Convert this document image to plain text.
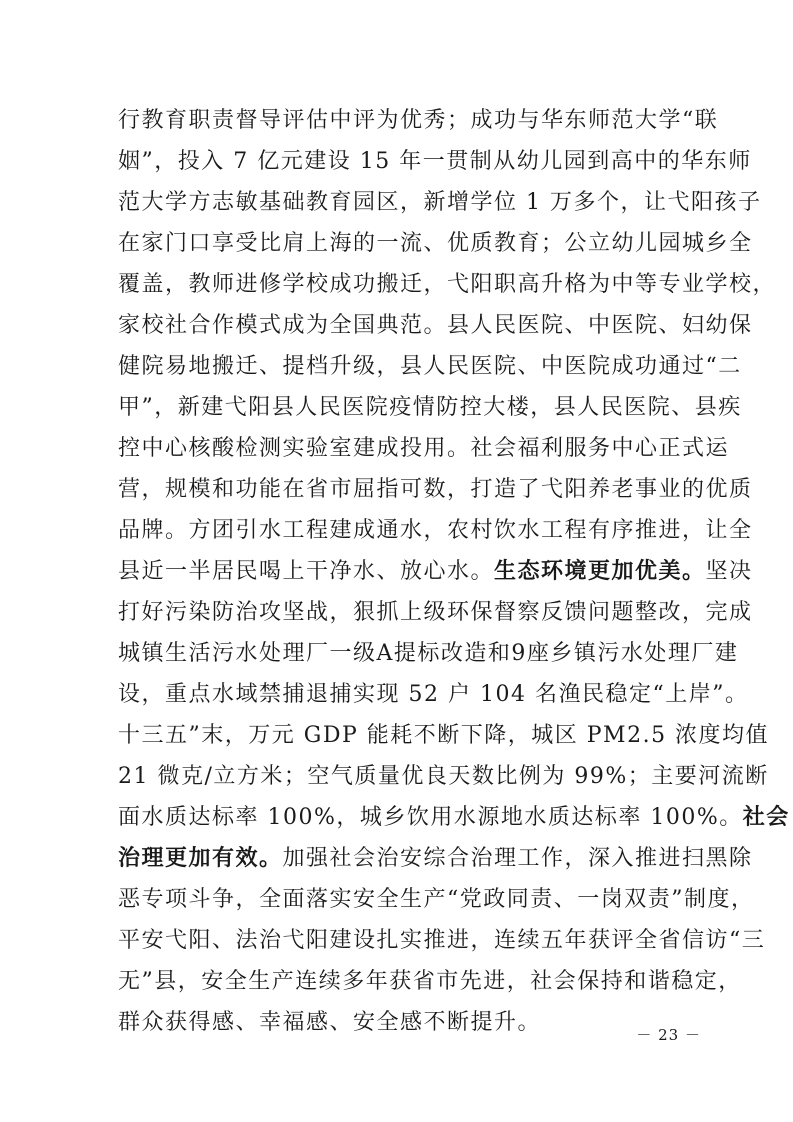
行教育职责督导评估中评为优秀；成功与华东师范大学“联
姻”，投入 7 亿元建设 15 年一贯制从幼儿园到高中的华东师
范大学方志敏基础教育园区，新增学位 1 万多个，让弋阳孩子
在家门口享受比肩上海的一流、优质教育；公立幼儿园城乡全
覆盖，教师进修学校成功搬迁，弋阳职高升格为中等专业学校，
家校社合作模式成为全国典范。县人民医院、中医院、妇幼保
健院易地搬迁、提档升级，县人民医院、中医院成功通过“二
甲”，新建弋阳县人民医院疫情防控大楼，县人民医院、县疾
控中心核酸检测实验室建成投用。社会福利服务中心正式运
营，规模和功能在省市屈指可数，打造了弋阳养老事业的优质
品牌。方团引水工程建成通水，农村饮水工程有序推进，让全
县近一半居民喝上干净水、放心水。生态环境更加优美。坚决
打好污染防治攻坚战，狠抓上级环保督察反馈问题整改，完成
城镇生活污水处理厂一级A提标改造和9座乡镇污水处理厂建
设，重点水域禁捕退捕实现 52 户 104 名渔民稳定“上岸”。
十三五”末，万元 GDP 能耗不断下降，城区 PM2.5 浓度均值
21 微克/立方米；空气质量优良天数比例为 99%；主要河流断
面水质达标率 100%，城乡饮用水源地水质达标率 100%。社会
治理更加有效。加强社会治安综合治理工作，深入推进扫黑除
恶专项斗争，全面落实安全生产“党政同责、一岗双责”制度，
平安弋阳、法治弋阳建设扎实推进，连续五年获评全省信访“三
无”县，安全生产连续多年获省市先进，社会保持和谐稳定，
群众获得感、幸福感、安全感不断提升。	－ 23 －
